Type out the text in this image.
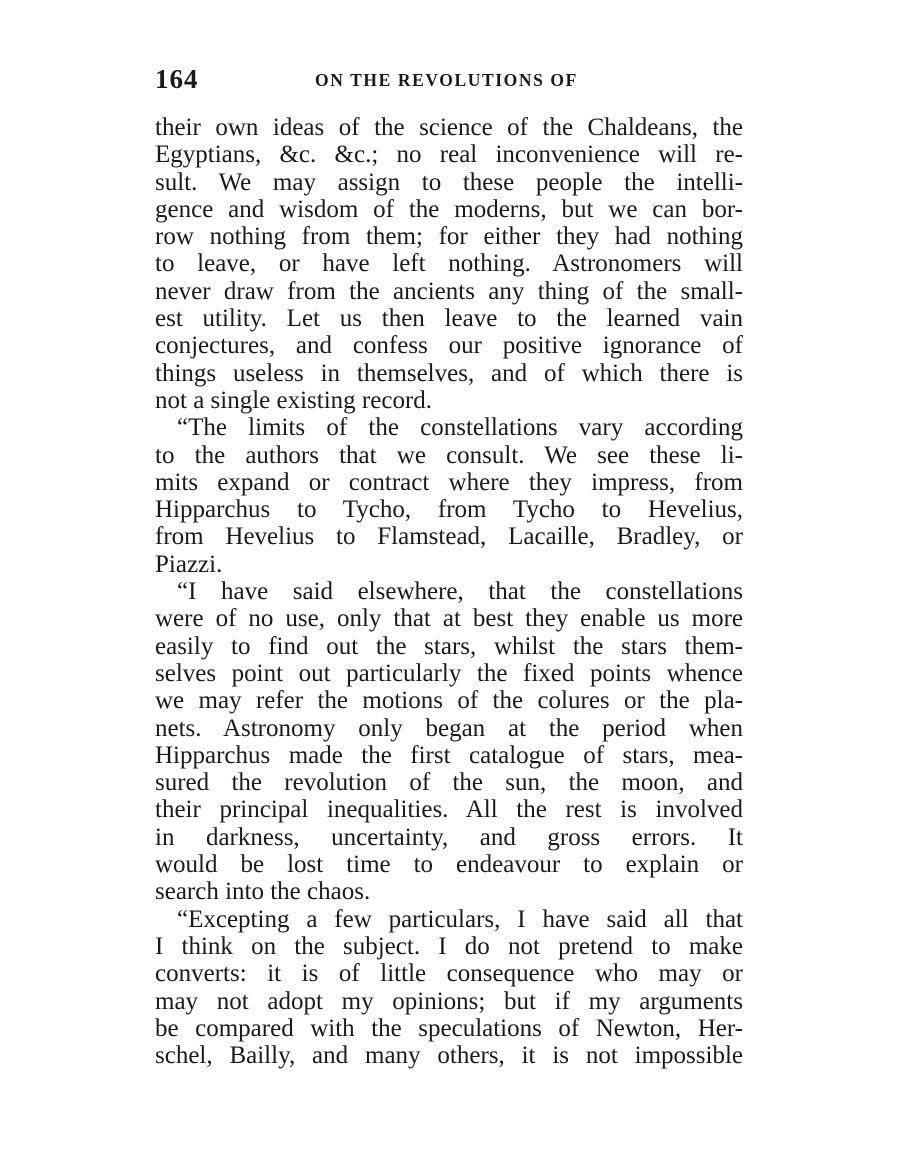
164	ON THE REVOLUTIONS OF
their own ideas of the science of the Chaldeans, the
Egyptians, &c. &c.; no real inconvenience will re-
sult. We may assign to these people the intelli-
gence and wisdom of the moderns, but we can bor-
row nothing from them; for either they had nothing
to leave, or have left nothing. Astronomers will
never draw from the ancients any thing of the small-
est utility. Let us then leave to the learned vain
conjectures, and confess our positive ignorance of
things useless in themselves, and of which there is
not a single existing record.
“The limits of the constellations vary according
to the authors that we consult. We see these li-
mits expand or contract where they impress, from
Hipparchus to Tycho, from Tycho to Hevelius,
from Hevelius to Flamstead, Lacaille, Bradley, or
Piazzi.
“I have said elsewhere, that the constellations
were of no use, only that at best they enable us more
easily to find out the stars, whilst the stars them-
selves point out particularly the fixed points whence
we may refer the motions of the colures or the pla-
nets. Astronomy only began at the period when
Hipparchus made the first catalogue of stars, mea-
sured the revolution of the sun, the moon, and
their principal inequalities. All the rest is involved
in darkness, uncertainty, and gross errors. It
would be lost time to endeavour to explain or
search into the chaos.
“Excepting a few particulars, I have said all that
I think on the subject. I do not pretend to make
converts: it is of little consequence who may or
may not adopt my opinions; but if my arguments
be compared with the speculations of Newton, Her-
schel, Bailly, and many others, it is not impossible
